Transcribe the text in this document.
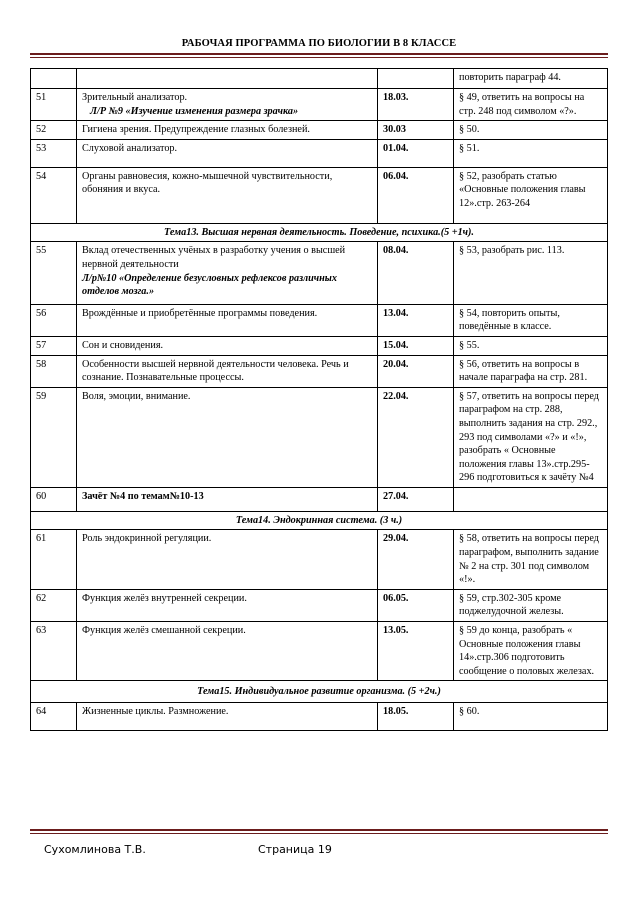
РАБОЧАЯ ПРОГРАММА ПО БИОЛОГИИ В 8 КЛАССЕ
			повторить параграф 44.
51	Зрительный анализатор.
Л/Р №9 «Изучение изменения размера зрачка»	18.03.	§ 49, ответить на вопросы на стр. 248 под символом «?».
52	Гигиена зрения. Предупреждение глазных болезней.	30.03	§ 50.
53	Слуховой анализатор.	01.04.	§ 51.
54	Органы равновесия, кожно-мышечной чувствительности, обоняния и вкуса.	06.04.	§ 52, разобрать статью «Основные положения главы 12».стр. 263-264
Тема13. Высшая нервная деятельность. Поведение, психика.(5 +1ч).			
55	Вклад отечественных учёных в разработку учения о высшей нервной деятельности
Л/р№10 «Определение безусловных рефлексов различных отделов мозга.»	08.04.	§ 53, разобрать рис. 113.
56	Врождённые и приобретённые программы поведения.	13.04.	§ 54, повторить опыты, поведённые в классе.
57	Сон и сновидения.	15.04.	§ 55.
58	Особенности высшей нервной деятельности человека. Речь и сознание. Познавательные процессы.	20.04.	§ 56, ответить на вопросы в начале параграфа на стр. 281.
59	Воля, эмоции, внимание.	22.04.	§ 57, ответить на вопросы перед параграфом на стр. 288, выполнить задания на стр. 292., 293 под символами «?» и «!», разобрать « Основные положения главы 13».стр.295-296 подготовиться к зачёту №4
60	Зачёт №4 по темам№10-13	27.04.	
Тема14. Эндокринная система. (3 ч.)			
61	Роль эндокринной регуляции.	29.04.	§ 58, ответить на вопросы перед параграфом, выполнить задание № 2 на стр. 301 под символом «!».
62	Функция желёз внутренней секреции.	06.05.	§ 59, стр.302-305 кроме поджелудочной железы.
63	Функция желёз смешанной секреции.	13.05.	§ 59 до конца, разобрать « Основные положения главы 14».стр.306 подготовить сообщение о половых железах.
Тема15. Индивидуальное развитие организма. (5 +2ч.)			
64	Жизненные циклы. Размножение.	18.05.	§ 60.
Сухомлинова Т.В.	Страница 19
